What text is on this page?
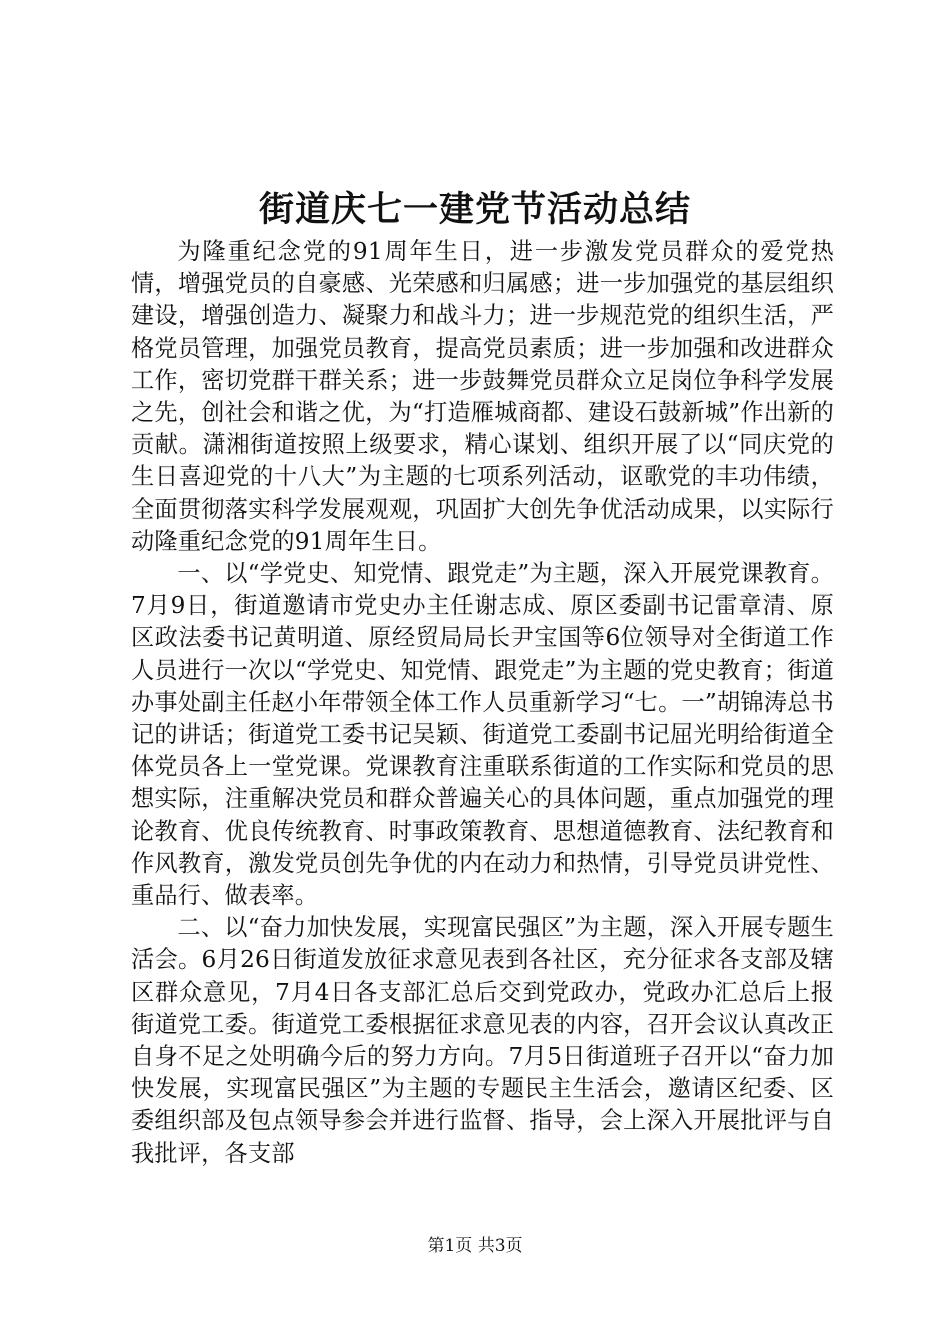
街道庆七一建党节活动总结

为隆重纪念党的91周年生日，进一步激发党员群众的爱党热情，增强党员的自豪感、光荣感和归属感；进一步加强党的基层组织建设，增强创造力、凝聚力和战斗力；进一步规范党的组织生活，严格党员管理，加强党员教育，提高党员素质；进一步加强和改进群众工作，密切党群干群关系；进一步鼓舞党员群众立足岗位争科学发展之先，创社会和谐之优，为“打造雁城商都、建设石鼓新城”作出新的贡献。潇湘街道按照上级要求，精心谋划、组织开展了以“同庆党的生日喜迎党的十八大”为主题的七项系列活动，讴歌党的丰功伟绩，全面贯彻落实科学发展观观，巩固扩大创先争优活动成果，以实际行动隆重纪念党的91周年生日。

一、以“学党史、知党情、跟党走”为主题，深入开展党课教育。7月9日，街道邀请市党史办主任谢志成、原区委副书记雷章清、原区政法委书记黄明道、原经贸局局长尹宝国等6位领导对全街道工作人员进行一次以“学党史、知党情、跟党走”为主题的党史教育；街道办事处副主任赵小年带领全体工作人员重新学习“七。一”胡锦涛总书记的讲话；街道党工委书记吴颖、街道党工委副书记屈光明给街道全体党员各上一堂党课。党课教育注重联系街道的工作实际和党员的思想实际，注重解决党员和群众普遍关心的具体问题，重点加强党的理论教育、优良传统教育、时事政策教育、思想道德教育、法纪教育和作风教育，激发党员创先争优的内在动力和热情，引导党员讲党性、重品行、做表率。

二、以“奋力加快发展，实现富民强区”为主题，深入开展专题生活会。6月26日街道发放征求意见表到各社区，充分征求各支部及辖区群众意见，7月4日各支部汇总后交到党政办，党政办汇总后上报街道党工委。街道党工委根据征求意见表的内容，召开会议认真改正自身不足之处明确今后的努力方向。7月5日街道班子召开以“奋力加快发展，实现富民强区”为主题的专题民主生活会，邀请区纪委、区委组织部及包点领导参会并进行监督、指导，会上深入开展批评与自我批评，各支部

第1页 共3页
